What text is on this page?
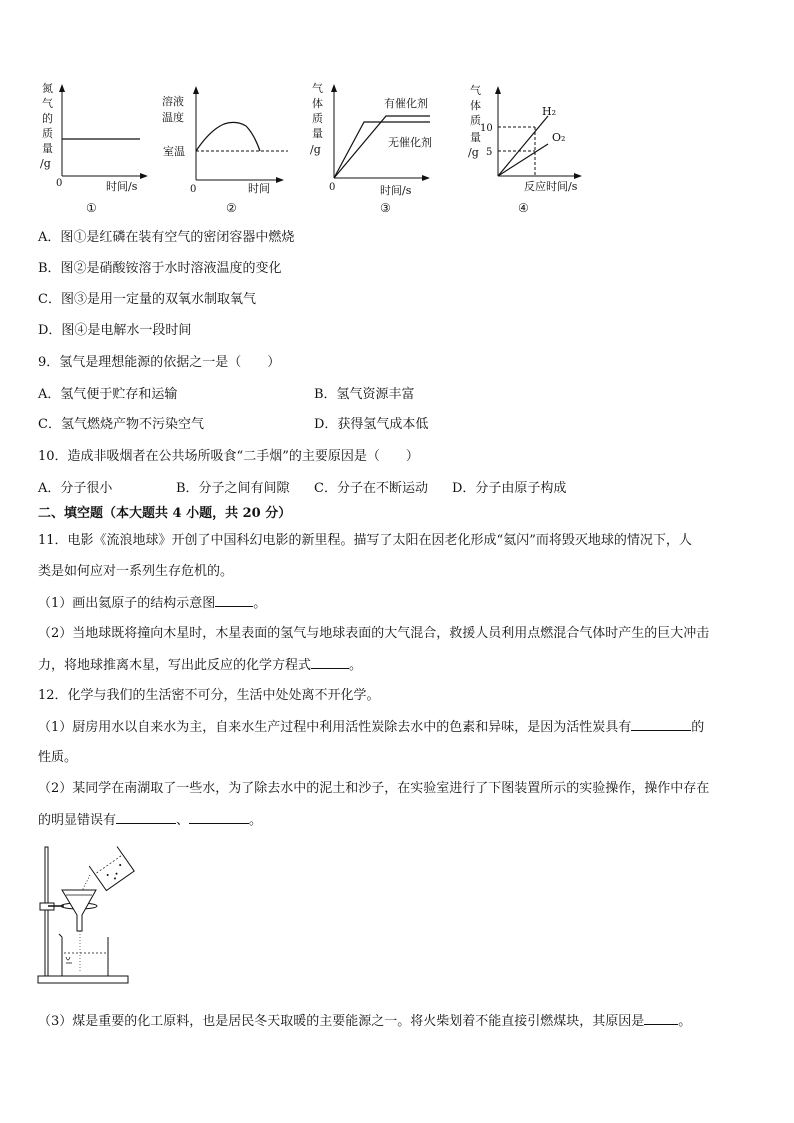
氮
气
的
质
量
/g
0	时间/s
①
溶液
温度
室温
0	时间
②
气
体
质
量
/g
有催化剂
无催化剂
0	时间/s
③
气
体
质
量
/g
10
5
H₂
O₂
反应时间/s
④
A．图①是红磷在装有空气的密闭容器中燃烧
B．图②是硝酸铵溶于水时溶液温度的变化
C．图③是用一定量的双氧水制取氧气
D．图④是电解水一段时间
9．氢气是理想能源的依据之一是（　　）
A．氢气便于贮存和运输	B．氢气资源丰富
C．氢气燃烧产物不污染空气	D．获得氢气成本低
10．造成非吸烟者在公共场所吸食“二手烟”的主要原因是（　　）
A．分子很小	B．分子之间有间隙 C．分子在不断运动 D．分子由原子构成
二、填空题（本大题共 4 小题，共 20 分）
11．电影《流浪地球》开创了中国科幻电影的新里程。描写了太阳在因老化形成“氦闪”而将毁灭地球的情况下，人
类是如何应对一系列生存危机的。
（1）画出氦原子的结构示意图	。
（2）当地球既将撞向木星时，木星表面的氢气与地球表面的大气混合，救援人员利用点燃混合气体时产生的巨大冲击
力，将地球推离木星，写出此反应的化学方程式	。
12．化学与我们的生活密不可分，生活中处处离不开化学。
（1）厨房用水以自来水为主，自来水生产过程中利用活性炭除去水中的色素和异味，是因为活性炭具有	的
性质。
（2）某同学在南湖取了一些水，为了除去水中的泥土和沙子，在实验室进行了下图装置所示的实验操作，操作中存在
的明显错误有	、	。
（3）煤是重要的化工原料，也是居民冬天取暖的主要能源之一。将火柴划着不能直接引燃煤块，其原因是	。
